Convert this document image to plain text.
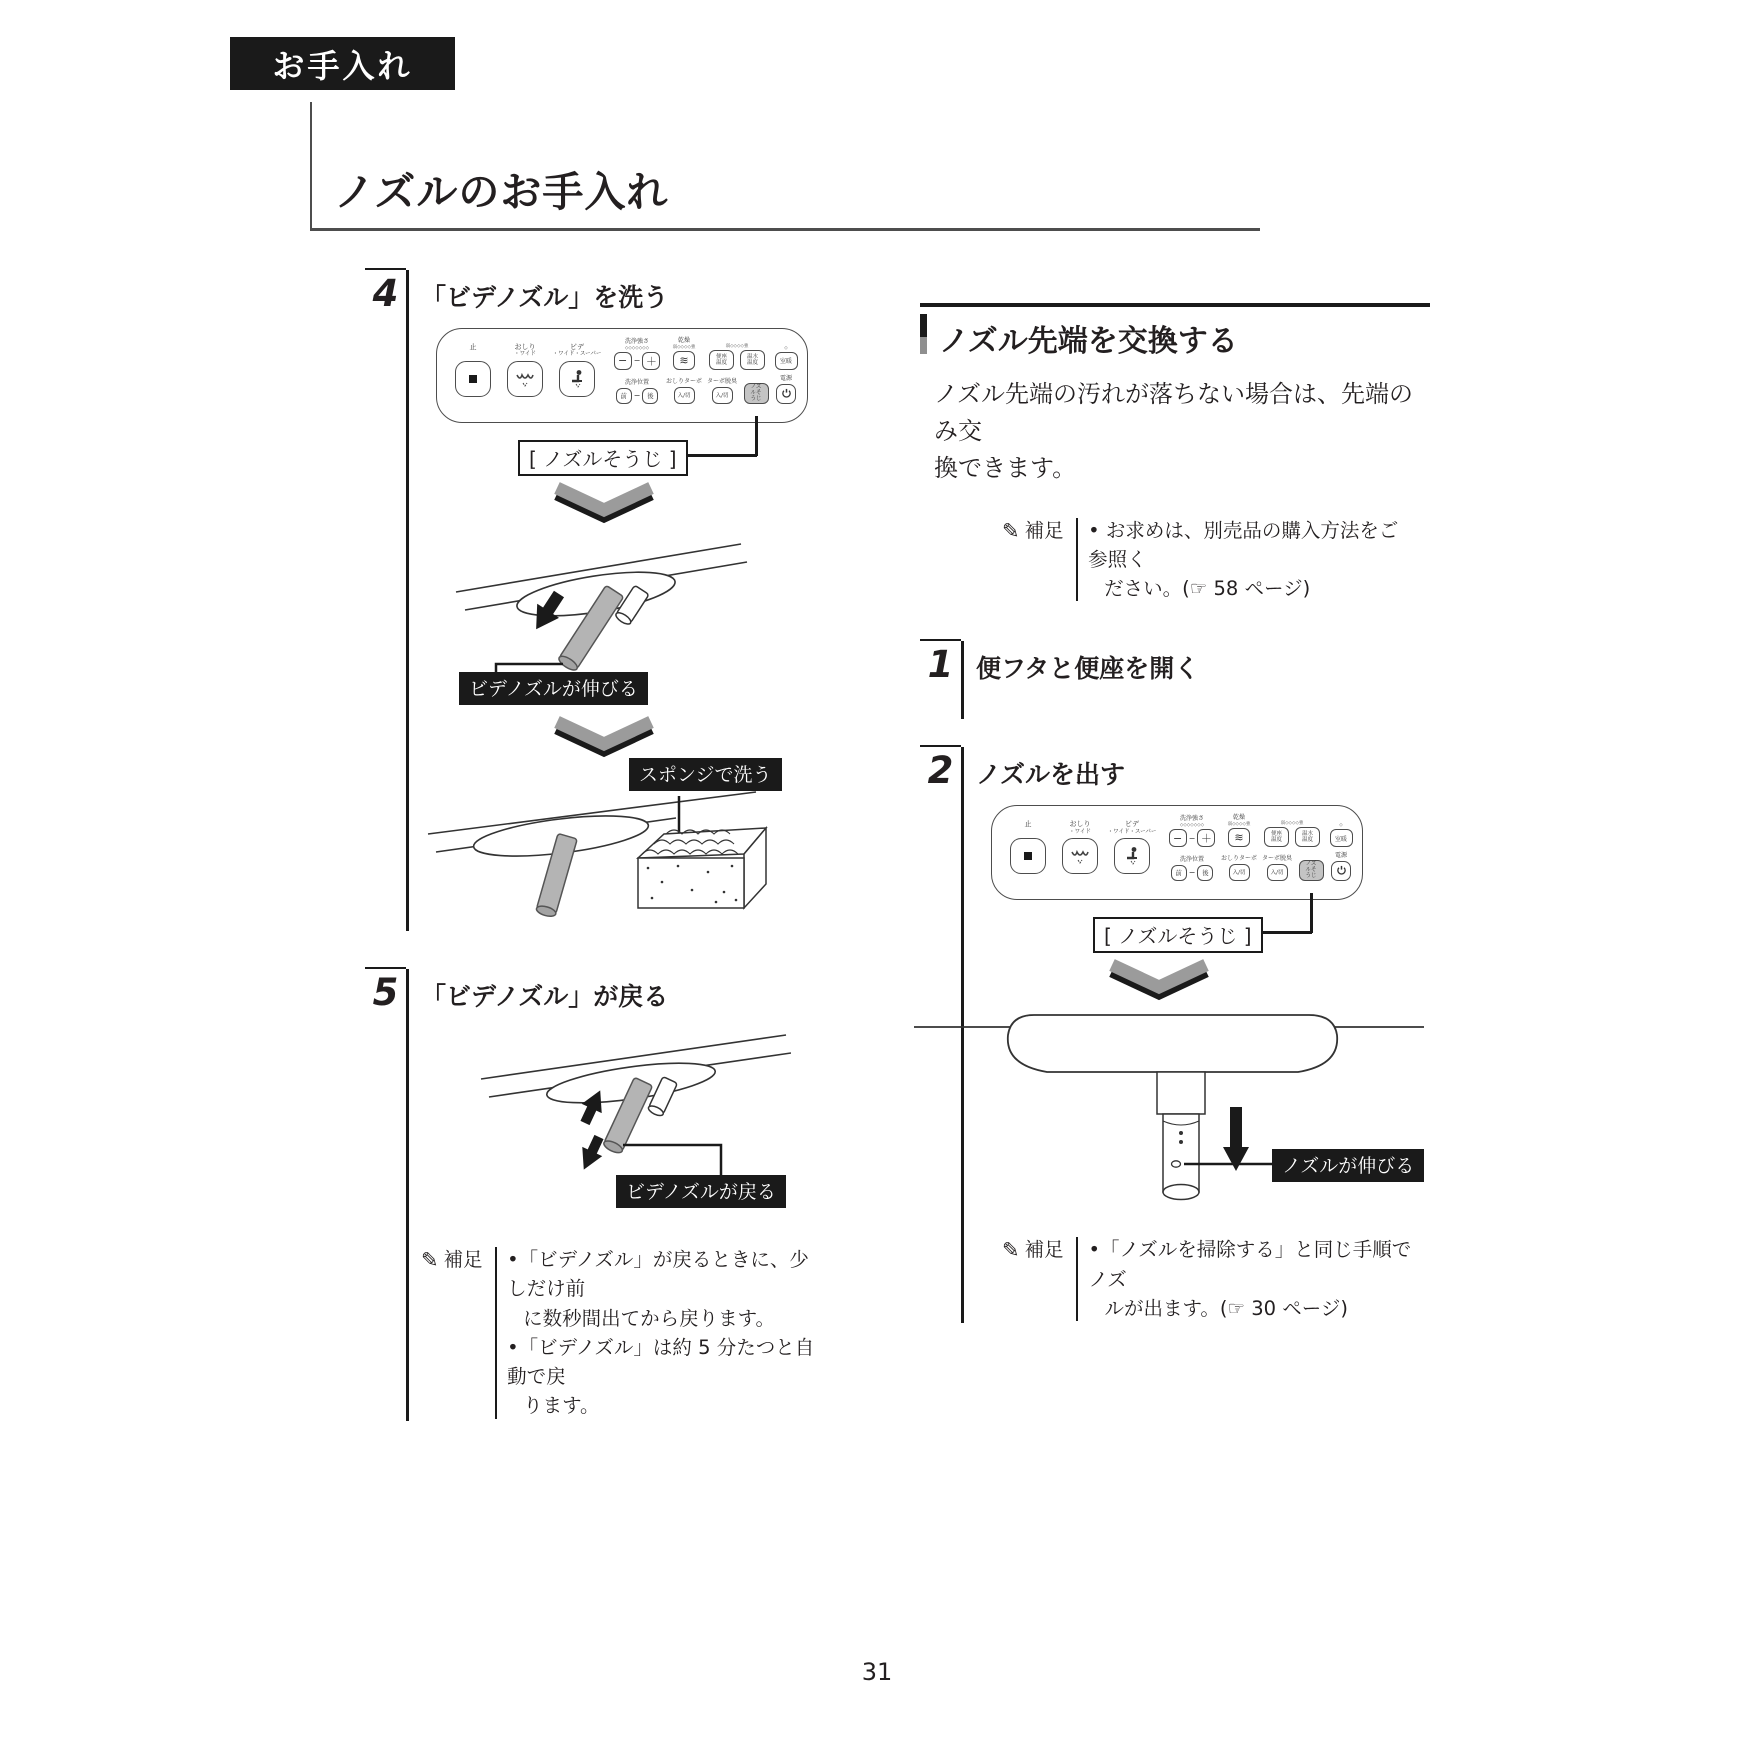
お手入れ
ノズルのお手入れ
4 「ビデノズル」を洗う
止	おしり
・ワイド
ビデ
・ワイド・スーパー
洗浄強さ
◇◇◇◇◇◇◇
− − ＋
乾燥
弱◇◇◇◇強
≋
弱◇◇◇◇強
便座温度
温水温度
◇
室暖
洗浄位置
前 −	後
おしりターボ
入/切
ターボ脱臭
入/切

ノズルそうじ
電源
[ ノズルそうじ ]
ビデノズルが伸びる
スポンジで洗う
5 「ビデノズル」が戻る
ビデノズルが戻る
✎ 補足 •「ビデノズル」が戻るときに、少しだけ前

に数秒間出てから戻ります。

•「ビデノズル」は約 5 分たつと自動で戻

ります。

ノズル先端を交換する

ノズル先端の汚れが落ちない場合は、先端のみ交

換できます。

✎ 補足 • お求めは、別売品の購入方法をご参照く

ださい。(☞ 58 ページ)

1 便フタと便座を開く
2 ノズルを出す
止	おしり
・ワイド
ビデ
・ワイド・スーパー
洗浄強さ
◇◇◇◇◇◇◇
− − ＋
乾燥
弱◇◇◇◇強
≋
弱◇◇◇◇強
便座温度
温水温度
◇
室暖
洗浄位置
前 −	後
おしりターボ
入/切
ターボ脱臭
入/切

ノズルそうじ
電源
[ ノズルそうじ ]
ノズルが伸びる
✎ 補足 •「ノズルを掃除する」と同じ手順でノズ

ルが出ます。(☞ 30 ページ)

31
